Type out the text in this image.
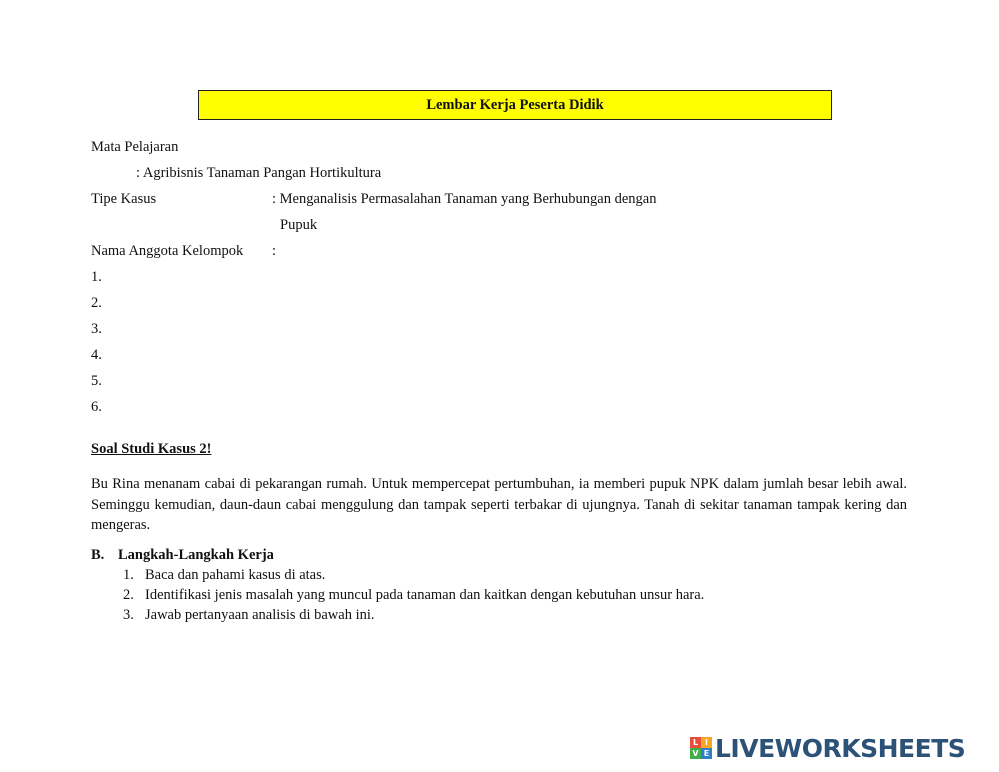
Lembar Kerja Peserta Didik
Mata Pelajaran
: Agribisnis Tanaman Pangan Hortikultura
Tipe Kasus	: Menganalisis Permasalahan Tanaman yang Berhubungan dengan
Pupuk
Nama Anggota Kelompok :
1.
2.
3.
4.
5.
6.
Soal Studi Kasus 2!
Bu Rina menanam cabai di pekarangan rumah. Untuk mempercepat pertumbuhan, ia memberi pupuk NPK dalam jumlah besar lebih awal. Seminggu kemudian, daun-daun cabai menggulung dan tampak seperti terbakar di ujungnya. Tanah di sekitar tanaman tampak kering dan mengeras.
B. Langkah-Langkah Kerja
1. Baca dan pahami kasus di atas.
2. Identifikasi jenis masalah yang muncul pada tanaman dan kaitkan dengan kebutuhan unsur hara.
3. Jawab pertanyaan analisis di bawah ini.
L I
V E LIVEWORKSHEETS
